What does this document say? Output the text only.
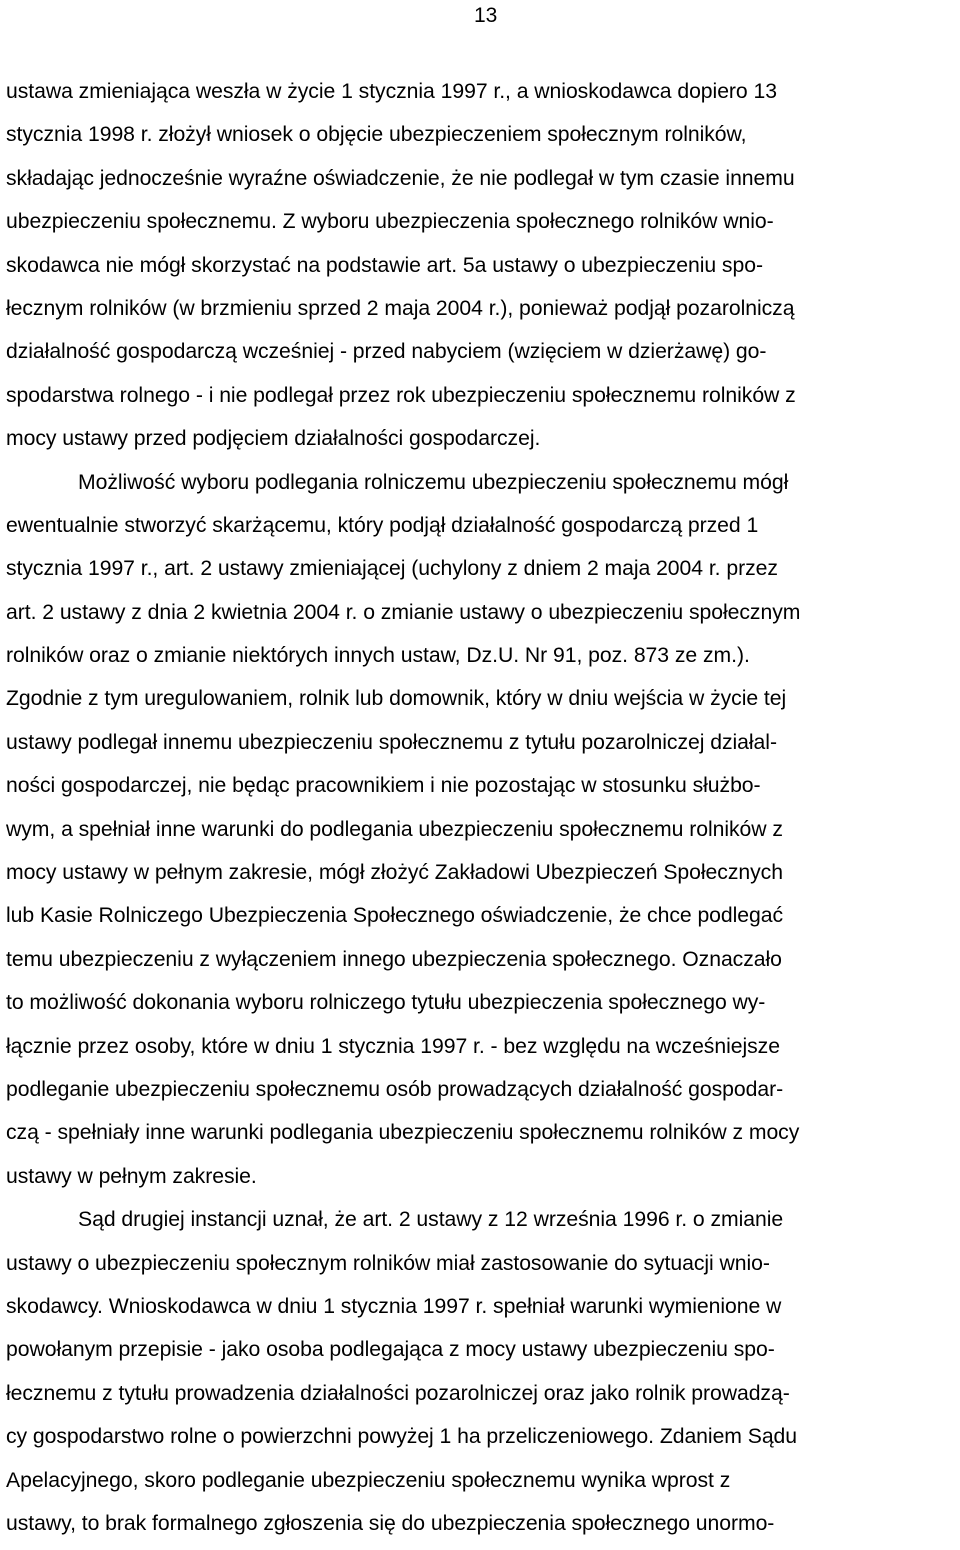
13
ustawa zmieniająca weszła w życie 1 stycznia 1997 r., a wnioskodawca dopiero 13
stycznia 1998 r. złożył wniosek o objęcie ubezpieczeniem społecznym rolników,
składając jednocześnie wyraźne oświadczenie, że nie podlegał w tym czasie innemu
ubezpieczeniu społecznemu. Z wyboru ubezpieczenia społecznego rolników wnio-
skodawca nie mógł skorzystać na podstawie art. 5a ustawy o ubezpieczeniu spo-
łecznym rolników (w brzmieniu sprzed 2 maja 2004 r.), ponieważ podjął pozarolniczą
działalność gospodarczą wcześniej - przed nabyciem (wzięciem w dzierżawę) go-
spodarstwa rolnego - i nie podlegał przez rok ubezpieczeniu społecznemu rolników z
mocy ustawy przed podjęciem działalności gospodarczej.
Możliwość wyboru podlegania rolniczemu ubezpieczeniu społecznemu mógł
ewentualnie stworzyć skarżącemu, który podjął działalność gospodarczą przed 1
stycznia 1997 r., art. 2 ustawy zmieniającej (uchylony z dniem 2 maja 2004 r. przez
art. 2 ustawy z dnia 2 kwietnia 2004 r. o zmianie ustawy o ubezpieczeniu społecznym
rolników oraz o zmianie niektórych innych ustaw, Dz.U. Nr 91, poz. 873 ze zm.).
Zgodnie z tym uregulowaniem, rolnik lub domownik, który w dniu wejścia w życie tej
ustawy podlegał innemu ubezpieczeniu społecznemu z tytułu pozarolniczej działal-
ności gospodarczej, nie będąc pracownikiem i nie pozostając w stosunku służbo-
wym, a spełniał inne warunki do podlegania ubezpieczeniu społecznemu rolników z
mocy ustawy w pełnym zakresie, mógł złożyć Zakładowi Ubezpieczeń Społecznych
lub Kasie Rolniczego Ubezpieczenia Społecznego oświadczenie, że chce podlegać
temu ubezpieczeniu z wyłączeniem innego ubezpieczenia społecznego. Oznaczało
to możliwość dokonania wyboru rolniczego tytułu ubezpieczenia społecznego wy-
łącznie przez osoby, które w dniu 1 stycznia 1997 r. - bez względu na wcześniejsze
podleganie ubezpieczeniu społecznemu osób prowadzących działalność gospodar-
czą - spełniały inne warunki podlegania ubezpieczeniu społecznemu rolników z mocy
ustawy w pełnym zakresie.
Sąd drugiej instancji uznał, że art. 2 ustawy z 12 września 1996 r. o zmianie
ustawy o ubezpieczeniu społecznym rolników miał zastosowanie do sytuacji wnio-
skodawcy. Wnioskodawca w dniu 1 stycznia 1997 r. spełniał warunki wymienione w
powołanym przepisie - jako osoba podlegająca z mocy ustawy ubezpieczeniu spo-
łecznemu z tytułu prowadzenia działalności pozarolniczej oraz jako rolnik prowadzą-
cy gospodarstwo rolne o powierzchni powyżej 1 ha przeliczeniowego. Zdaniem Sądu
Apelacyjnego, skoro podleganie ubezpieczeniu społecznemu wynika wprost z
ustawy, to brak formalnego zgłoszenia się do ubezpieczenia społecznego unormo-
